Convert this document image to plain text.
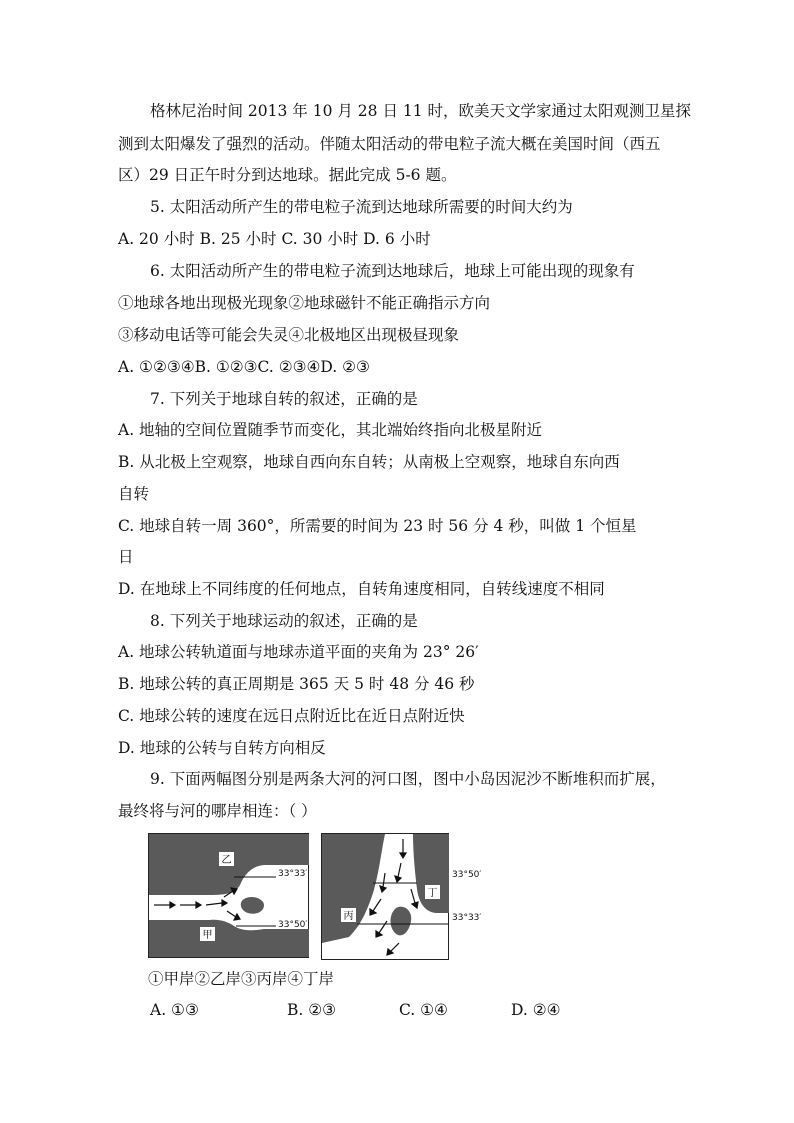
格林尼治时间 2013 年 10 月 28 日 11 时，欧美天文学家通过太阳观测卫星探
测到太阳爆发了强烈的活动。伴随太阳活动的带电粒子流大概在美国时间（西五
区）29 日正午时分到达地球。据此完成 5-6 题。
5. 太阳活动所产生的带电粒子流到达地球所需要的时间大约为
A. 20 小时 B. 25 小时 C. 30 小时 D. 6 小时
6. 太阳活动所产生的带电粒子流到达地球后，地球上可能出现的现象有
①地球各地出现极光现象②地球磁针不能正确指示方向
③移动电话等可能会失灵④北极地区出现极昼现象
A. ①②③④B. ①②③C. ②③④D. ②③
7. 下列关于地球自转的叙述，正确的是
A. 地轴的空间位置随季节而变化，其北端始终指向北极星附近
B. 从北极上空观察，地球自西向东自转；从南极上空观察，地球自东向西
自转
C. 地球自转一周 360°，所需要的时间为 23 时 56 分 4 秒，叫做 1 个恒星
日
D. 在地球上不同纬度的任何地点，自转角速度相同，自转线速度不相同
8. 下列关于地球运动的叙述，正确的是
A. 地球公转轨道面与地球赤道平面的夹角为 23° 26′
B. 地球公转的真正周期是 365 天 5 时 48 分 46 秒
C. 地球公转的速度在远日点附近比在近日点附近快
D. 地球的公转与自转方向相反
9. 下面两幅图分别是两条大河的河口图，图中小岛因泥沙不断堆积而扩展，
最终将与河的哪岸相连：（ ）
乙
甲
33°33′
33°50′
丙
丁
33°50′
33°33′
①甲岸②乙岸③丙岸④丁岸
A. ①③	B. ②③	C. ①④	D. ②④
